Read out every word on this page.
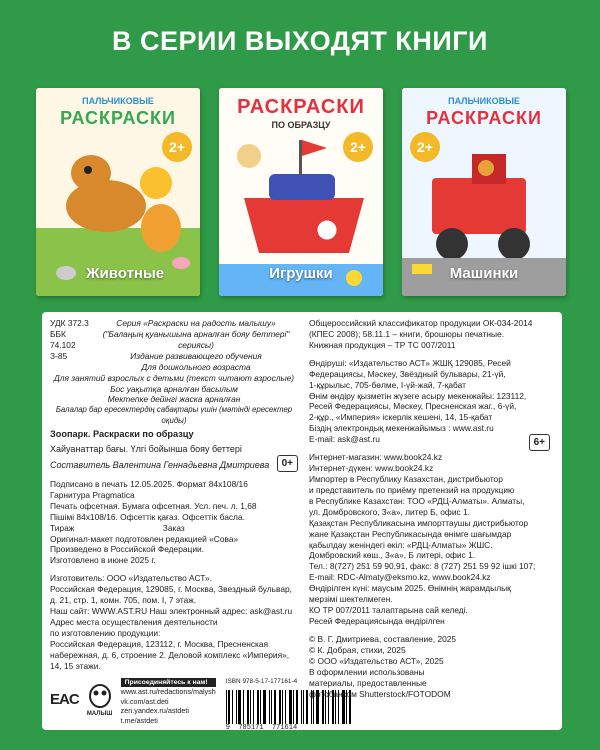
В СЕРИИ ВЫХОДЯТ КНИГИ
ПАЛЬЧИКОВЫЕ
РАСКРАСКИ
2+
Животные
РАСКРАСКИ
ПО ОБРАЗЦУ
2+
Игрушки
ПАЛЬЧИКОВЫЕ
РАСКРАСКИ
2+
Машинки
УДК 372.3
ББК 74.102
З-85
Серия «Раскраски на радость малышу»
("Балаңың қуанышына арналған бояу беттері" сериясы)
Издание развивающего обучения
Для дошкольного возраста
Для занятий взрослых с детьми (текст читают взрослые)
Бос уақытқа арналған басылым
Мектепке дейінгі жаска арналған
Балалар бар ересектердің сабақтары үшін (мәтінді ересектер оқиды)
Зоопарк. Раскраски по образцу
Хайуанаттар бағы. Үлгі бойынша бояу беттері
Составитель Валентина Геннадьевна Дмитриева	0+
Подписано в печать 12.05.2025. Формат 84x108/16
Гарнитура Pragmatica
Печать офсетная. Бумага офсетная. Усл. печ. л. 1,68
Пішімі 84x108/16. Офсеттік қағаз. Офсеттік басла.
Тираж                                      Заказ
Оригинал-макет подготовлен редакцией «Сова»
Произведено в Российской Федерации.
Изготовлено в июне 2025 г.
Изготовитель: ООО «Издательство АСТ».
Российская Федерация, 129085, г. Москва, Звездный бульвар,
д. 21, стр. 1, комн. 705, пом. I, 7 этаж.
Наш сайт: WWW.AST.RU Наш электронный адрес: ask@ast.ru
Адрес места осуществления деятельности
по изготовлению продукции:
Российская Федерация, 123112, г. Москва, Пресненская
набережная, д. 6, строение 2. Деловой комплекс «Империя»,
14, 15 этажи.
EAC
МАЛЫШ
Присоединяйтесь к нам!
www.ast.ru/redactions/malysh
vk.com/ast.deti
zen.yandex.ru/astdeti
t.me/astdeti
ISBN 978-5-17-177161-4
9  785171  771614
Общероссийский классификатор продукции ОК-034-2014
(КПЕС 2008); 58.11.1 – книги, брошюры печатные.
Книжная продукция – ТР ТС 007/2011
Өндіруші: «Издательство АСТ» ЖШҚ 129085, Ресей
Федерациясы, Мәскеу, Звёздный бульвары, 21-үй,
1-құрылыс, 705-бөлме, I-үй-жай, 7-қабат
Өнім өндіру қызметін жүзеге асыру мекенжайы: 123112,
Ресей Федерациясы, Мәскеу, Пресненская жаг., 6-үй,
2-құр., «Империя» іскерлік кешені, 14, 15-қабат
Біздің электрондық мекенжайымыз : www.ast.ru
E-mail: ask@ast.ru	6+
Интернет-магазин: www.book24.kz
Интернет-дүкен: www.book24.kz
Импортер в Республику Казахстан, дистрибьютор
и представитель по приёму претензий на продукцию
в Республике Казахстан: ТОО «РДЦ-Алматы». Алматы,
ул. Домбровского, 3«а», литер Б, офис 1.
Қазақстан Республикасына импорттаушы дистрибьютор
жане Қазақстан Республикасында өнімге шағымдар
қабылдау женіндегі өкіл: «РДЦ-Алматы» ЖШС.
Домбровский көш., 3«а», Б литері, офис 1.
Тел.: 8(727) 251 59 90,91, факс: 8 (727) 251 59 92 ішкі 107;
E-mail: RDC-Almaty@eksmo.kz, www.book24.kz
Өндірілген күні: маусым 2025. Өнімнің жарамдылық
мерзімі шектелмеген.
КО ТР 007/2011 талаптарына сай келеді.
Ресей Федерациясында өндірілген
© В. Г. Дмитриева, составление, 2025
© К. Добрая, стихи, 2025
© ООО «Издательство АСТ», 2025
В оформлении использованы
материалы, предоставленные
фотобанком Shutterstock/FOTODOM
